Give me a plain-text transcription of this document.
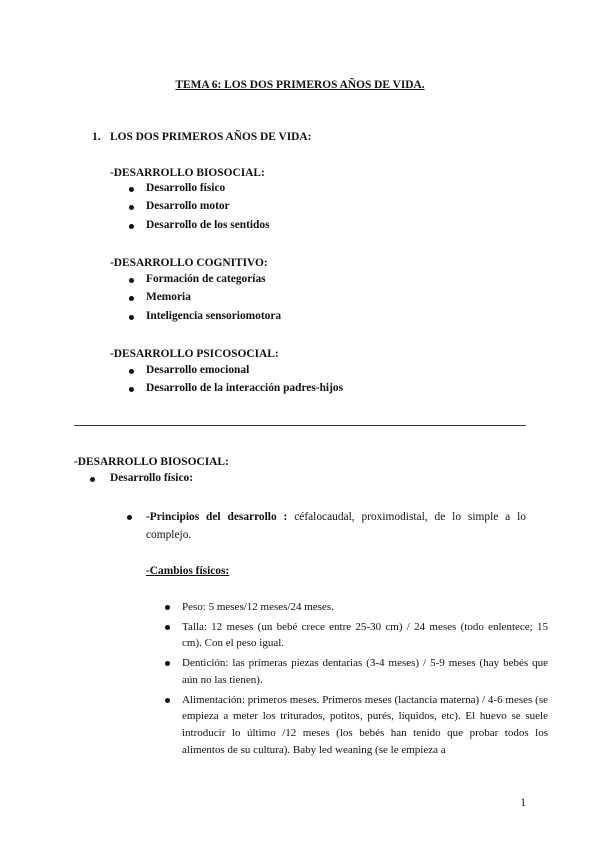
TEMA 6: LOS DOS PRIMEROS AÑOS DE VIDA.
1. LOS DOS PRIMEROS AÑOS DE VIDA:
-DESARROLLO BIOSOCIAL:
Desarrollo físico
Desarrollo motor
Desarrollo de los sentidos
-DESARROLLO COGNITIVO:
Formación de categorías
Memoria
Inteligencia sensoriomotora
-DESARROLLO PSICOSOCIAL:
Desarrollo emocional
Desarrollo de la interacción padres-hijos
-DESARROLLO BIOSOCIAL:
Desarrollo físico:
-Principios del desarrollo : céfalocaudal, proximodistal, de lo simple a lo complejo.
-Cambios físicos:
Peso: 5 meses/12 meses/24 meses.
Talla: 12 meses (un bebé crece entre 25-30 cm) / 24 meses (todo enlentece; 15 cm). Con el peso igual.
Dentición: las primeras piezas dentarias (3-4 meses) / 5-9 meses (hay bebés que aún no las tienen).
Alimentación: primeros meses. Primeros meses (lactancia materna) / 4-6 meses (se empieza a meter los triturados, potitos, purés, líquidos, etc). El huevo se suele introducir lo último /12 meses (los bebés han tenido que probar todos los alimentos de su cultura). Baby led weaning (se le empieza a
1
